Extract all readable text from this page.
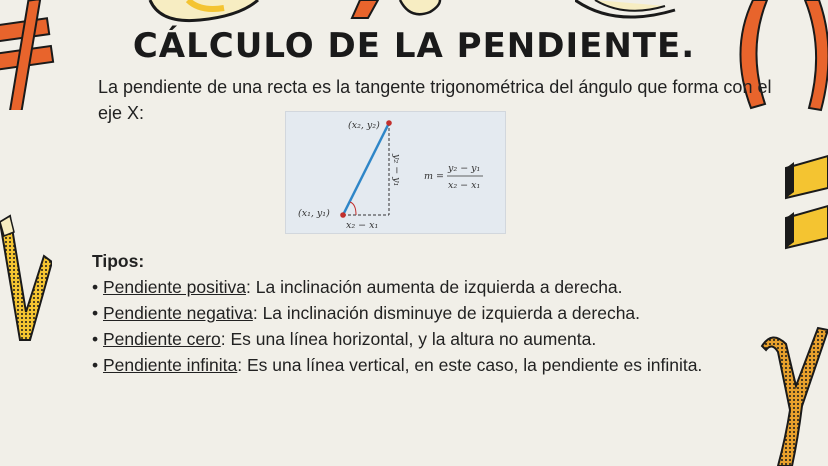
CÁLCULO DE LA PENDIENTE.

La pendiente de una recta es la tangente trigonométrica del ángulo que forma con el eje X:

(x₂, y₂)
(x₁, y₁)
x₂ − x₁
y₂ − y₁ m =
y₂ − y₁
x₂ − x₁
Tipos:
• Pendiente positiva: La inclinación aumenta de izquierda a derecha.
• Pendiente negativa: La inclinación disminuye de izquierda a derecha.
• Pendiente cero: Es una línea horizontal, y la altura no aumenta.
• Pendiente infinita: Es una línea vertical, en este caso, la pendiente es infinita.
